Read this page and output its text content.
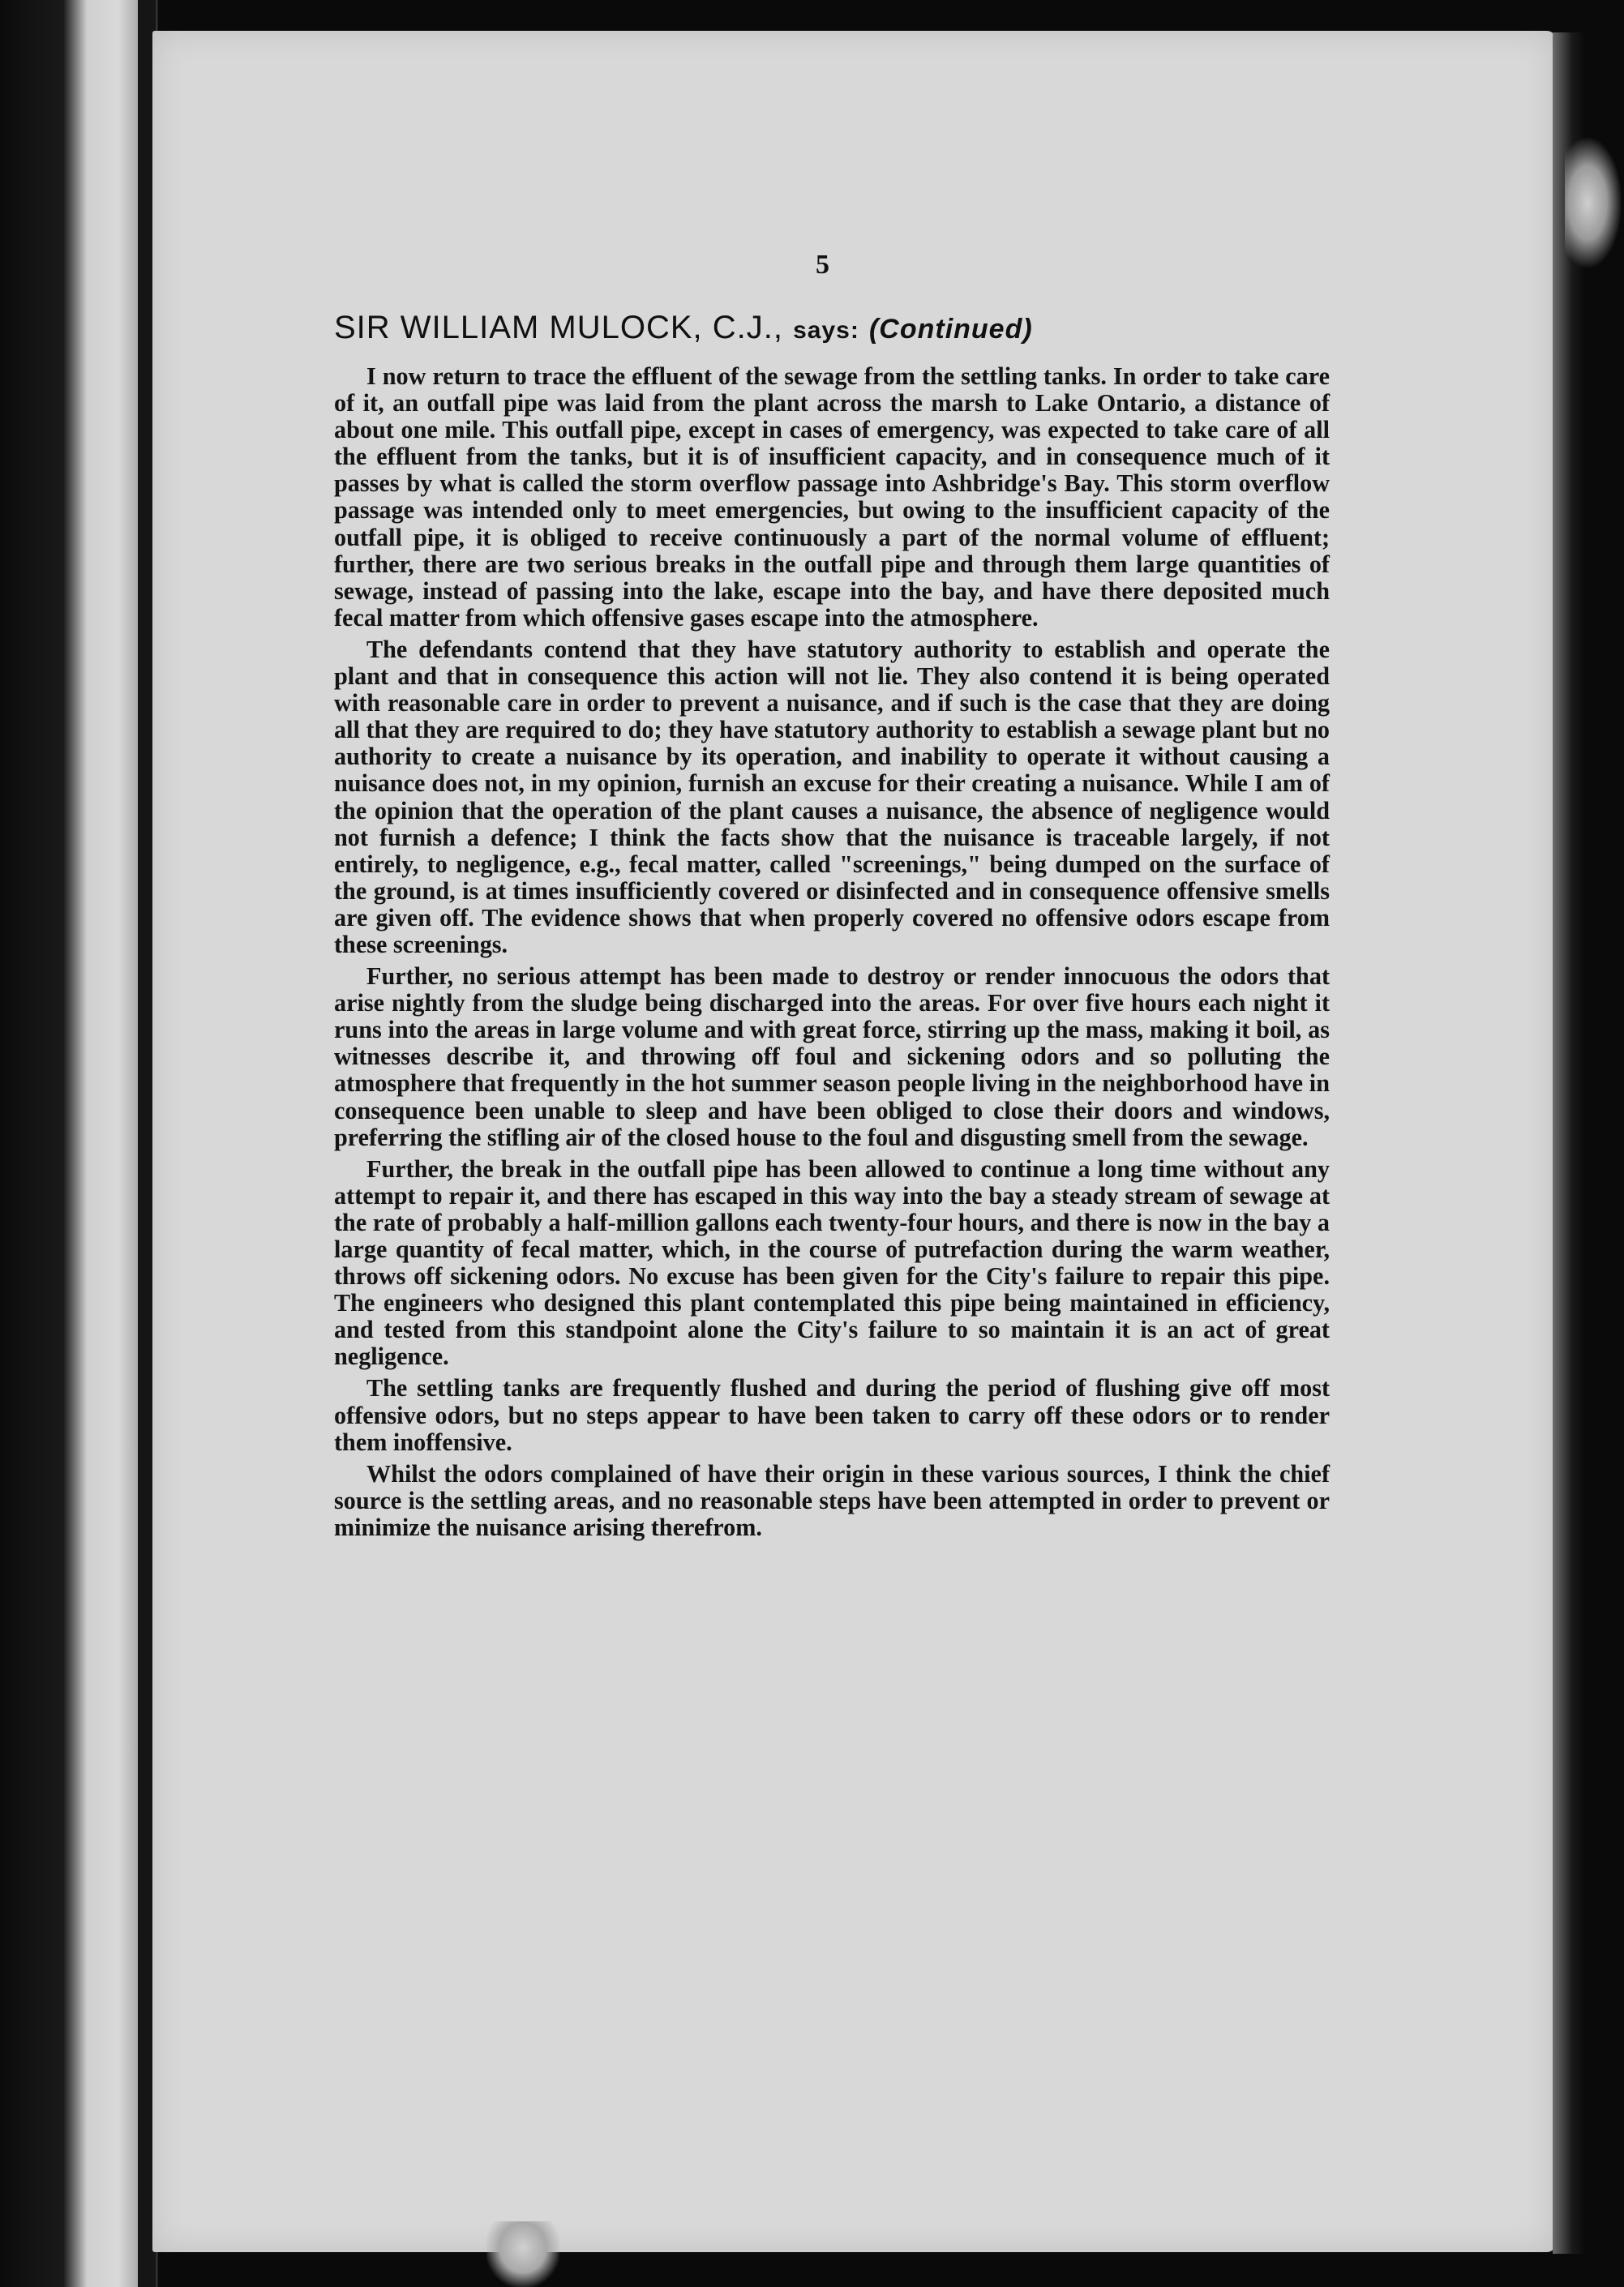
5
SIR WILLIAM MULOCK, C.J., says: (Continued)

I now return to trace the effluent of the sewage from the settling tanks. In order to take care of it, an outfall pipe was laid from the plant across the marsh to Lake Ontario, a distance of about one mile. This outfall pipe, except in cases of emergency, was expected to take care of all the effluent from the tanks, but it is of insufficient capacity, and in consequence much of it passes by what is called the storm overflow passage into Ashbridge's Bay. This storm overflow passage was intended only to meet emergencies, but owing to the insufficient capacity of the outfall pipe, it is obliged to receive continuously a part of the normal volume of effluent; further, there are two serious breaks in the outfall pipe and through them large quantities of sewage, instead of passing into the lake, escape into the bay, and have there deposited much fecal matter from which offensive gases escape into the atmosphere.

The defendants contend that they have statutory authority to establish and operate the plant and that in consequence this action will not lie. They also contend it is being operated with reasonable care in order to prevent a nuisance, and if such is the case that they are doing all that they are required to do; they have statutory authority to establish a sewage plant but no authority to create a nuisance by its operation, and inability to operate it without causing a nuisance does not, in my opinion, furnish an excuse for their creating a nuisance. While I am of the opinion that the operation of the plant causes a nuisance, the absence of negligence would not furnish a defence; I think the facts show that the nuisance is traceable largely, if not entirely, to negligence, e.g., fecal matter, called "screenings," being dumped on the surface of the ground, is at times insufficiently covered or disinfected and in consequence offensive smells are given off. The evidence shows that when properly covered no offensive odors escape from these screenings.

Further, no serious attempt has been made to destroy or render innocuous the odors that arise nightly from the sludge being discharged into the areas. For over five hours each night it runs into the areas in large volume and with great force, stirring up the mass, making it boil, as witnesses describe it, and throwing off foul and sickening odors and so polluting the atmosphere that frequently in the hot summer season people living in the neighborhood have in consequence been unable to sleep and have been obliged to close their doors and windows, preferring the stifling air of the closed house to the foul and disgusting smell from the sewage.

Further, the break in the outfall pipe has been allowed to continue a long time without any attempt to repair it, and there has escaped in this way into the bay a steady stream of sewage at the rate of probably a half-million gallons each twenty-four hours, and there is now in the bay a large quantity of fecal matter, which, in the course of putrefaction during the warm weather, throws off sickening odors. No excuse has been given for the City's failure to repair this pipe. The engineers who designed this plant contemplated this pipe being maintained in efficiency, and tested from this standpoint alone the City's failure to so maintain it is an act of great negligence.

The settling tanks are frequently flushed and during the period of flushing give off most offensive odors, but no steps appear to have been taken to carry off these odors or to render them inoffensive.

Whilst the odors complained of have their origin in these various sources, I think the chief source is the settling areas, and no reasonable steps have been attempted in order to prevent or minimize the nuisance arising therefrom.
